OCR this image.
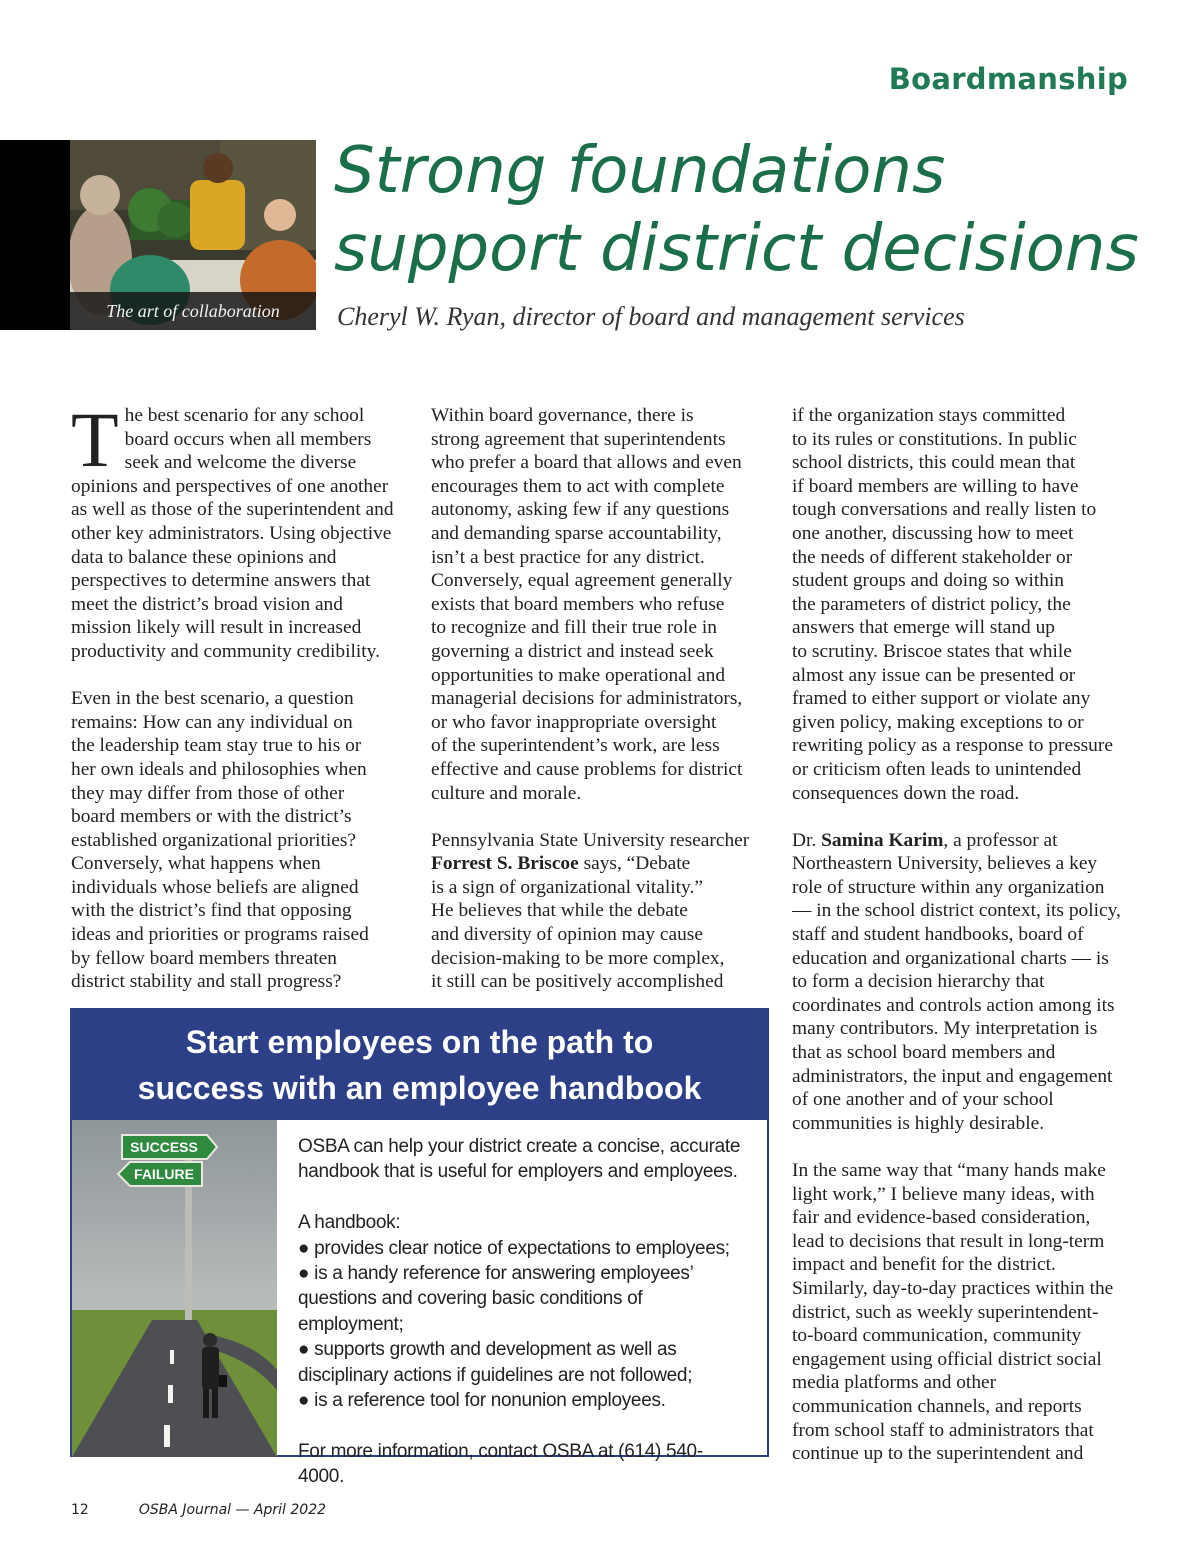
Boardmanship
The art of collaboration
Strong foundations
support district decisions

Cheryl W. Ryan, director of board and management services

The best scenario for any school
board occurs when all members
seek and welcome the diverse
opinions and perspectives of one another
as well as those of the superintendent and
other key administrators. Using objective
data to balance these opinions and
perspectives to determine answers that
meet the district’s broad vision and
mission likely will result in increased
productivity and community credibility.

Even in the best scenario, a question
remains: How can any individual on
the leadership team stay true to his or
her own ideals and philosophies when
they may differ from those of other
board members or with the district’s
established organizational priorities?
Conversely, what happens when
individuals whose beliefs are aligned
with the district’s find that opposing
ideas and priorities or programs raised
by fellow board members threaten
district stability and stall progress?

Within board governance, there is
strong agreement that superintendents
who prefer a board that allows and even
encourages them to act with complete
autonomy, asking few if any questions
and demanding sparse accountability,
isn’t a best practice for any district.
Conversely, equal agreement generally
exists that board members who refuse
to recognize and fill their true role in
governing a district and instead seek
opportunities to make operational and
managerial decisions for administrators,
or who favor inappropriate oversight
of the superintendent’s work, are less
effective and cause problems for district
culture and morale.

Pennsylvania State University researcher
Forrest S. Briscoe says, “Debate
is a sign of organizational vitality.”
He believes that while the debate
and diversity of opinion may cause
decision-making to be more complex,
it still can be positively accomplished

if the organization stays committed
to its rules or constitutions. In public
school districts, this could mean that
if board members are willing to have
tough conversations and really listen to
one another, discussing how to meet
the needs of different stakeholder or
student groups and doing so within
the parameters of district policy, the
answers that emerge will stand up
to scrutiny. Briscoe states that while
almost any issue can be presented or
framed to either support or violate any
given policy, making exceptions to or
rewriting policy as a response to pressure
or criticism often leads to unintended
consequences down the road.

Dr. Samina Karim, a professor at
Northeastern University, believes a key
role of structure within any organization
— in the school district context, its policy,
staff and student handbooks, board of
education and organizational charts — is
to form a decision hierarchy that
coordinates and controls action among its
many contributors. My interpretation is
that as school board members and
administrators, the input and engagement
of one another and of your school
communities is highly desirable.

In the same way that “many hands make
light work,” I believe many ideas, with
fair and evidence-based consideration,
lead to decisions that result in long-term
impact and benefit for the district.
Similarly, day-to-day practices within the
district, such as weekly superintendent-
to-board communication, community
engagement using official district social
media platforms and other
communication channels, and reports
from school staff to administrators that
continue up to the superintendent and

Start employees on the path to
success with an employee handbook
SUCCESS
FAILURE

OSBA can help your district create a concise, accurate
handbook that is useful for employers and employees.

A handbook:

● provides clear notice of expectations to employees;

● is a handy reference for answering employees’
questions and covering basic conditions of employment;

● supports growth and development as well as
disciplinary actions if guidelines are not followed;

● is a reference tool for nonunion employees.

For more information, contact OSBA at (614) 540-4000.

12	OSBA Journal — April 2022
